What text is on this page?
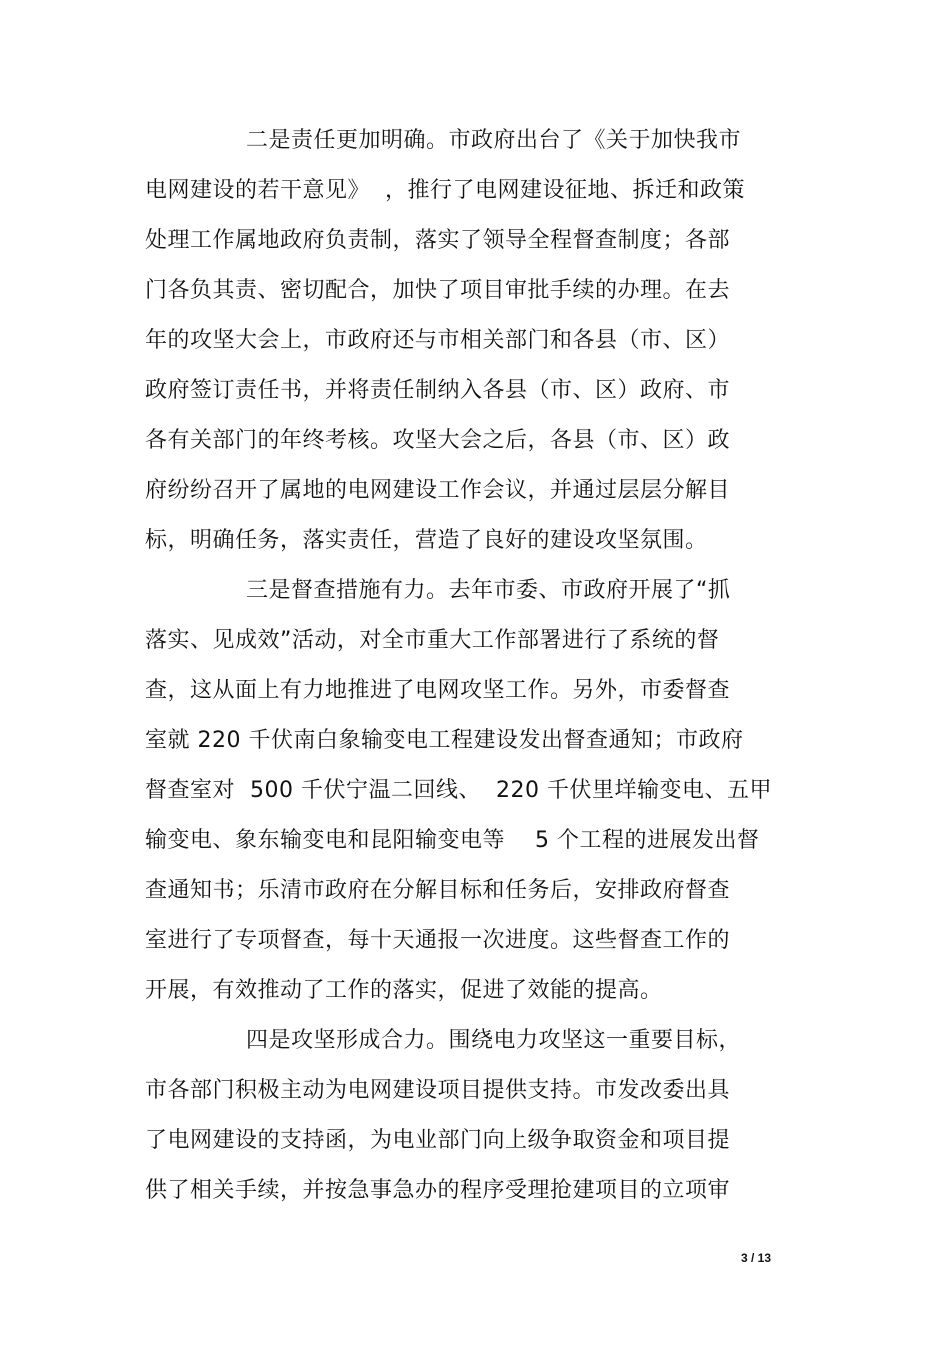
二是责任更加明确。市政府出台了《关于加快我市
电网建设的若干意见》  ，推行了电网建设征地、拆迁和政策
处理工作属地政府负责制，落实了领导全程督查制度；各部
门各负其责、密切配合，加快了项目审批手续的办理。在去
年的攻坚大会上，市政府还与市相关部门和各县（市、区）
政府签订责任书，并将责任制纳入各县（市、区）政府、市
各有关部门的年终考核。攻坚大会之后，各县（市、区）政
府纷纷召开了属地的电网建设工作会议，并通过层层分解目
标，明确任务，落实责任，营造了良好的建设攻坚氛围。
三是督查措施有力。去年市委、市政府开展了“抓
落实、见成效”活动，对全市重大工作部署进行了系统的督
查，这从面上有力地推进了电网攻坚工作。另外，市委督查
室就 220 千伏南白象输变电工程建设发出督查通知；市政府
督查室对  500 千伏宁温二回线、  220 千伏里垟输变电、五甲
输变电、象东输变电和昆阳输变电等    5 个工程的进展发出督
查通知书；乐清市政府在分解目标和任务后，安排政府督查
室进行了专项督查，每十天通报一次进度。这些督查工作的
开展，有效推动了工作的落实，促进了效能的提高。
四是攻坚形成合力。围绕电力攻坚这一重要目标，
市各部门积极主动为电网建设项目提供支持。市发改委出具
了电网建设的支持函，为电业部门向上级争取资金和项目提
供了相关手续，并按急事急办的程序受理抢建项目的立项审
3 / 13
